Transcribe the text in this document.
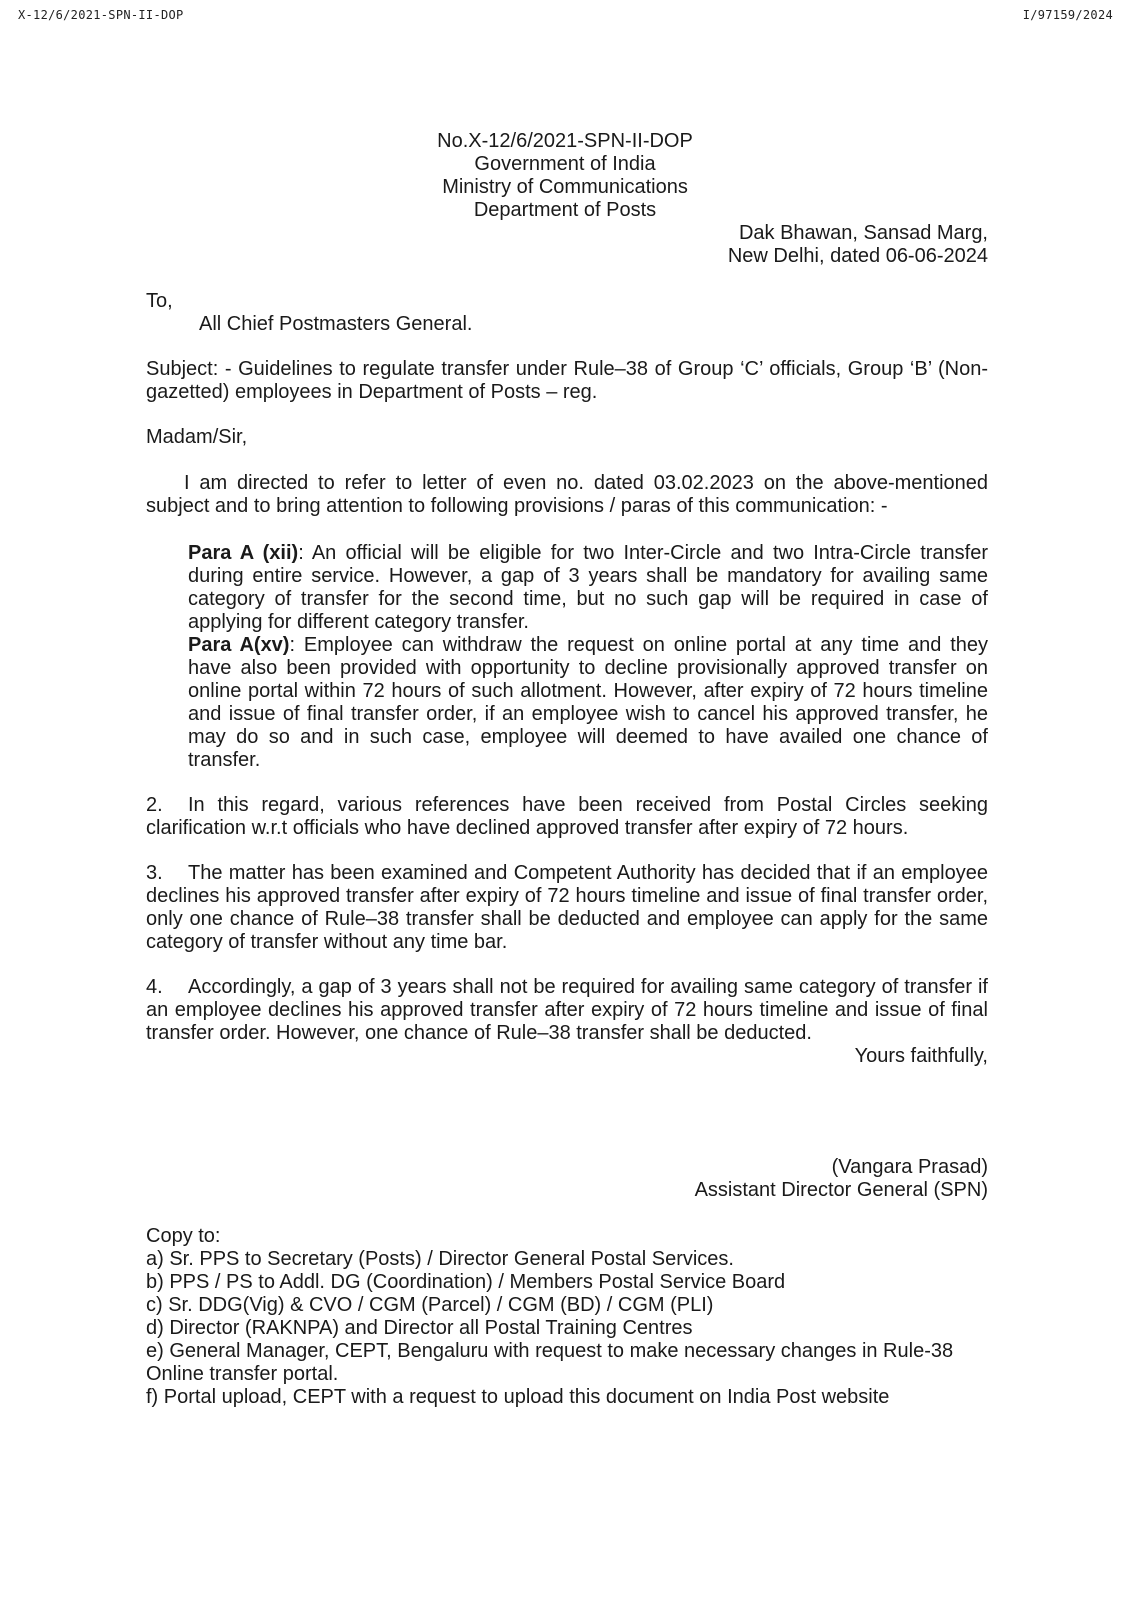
X-12/6/2021-SPN-II-DOP	I/97159/2024
No.X-12/6/2021-SPN-II-DOP
Government of India
Ministry of Communications
Department of Posts
Dak Bhawan, Sansad Marg,
New Delhi, dated 06-06-2024
To,
All Chief Postmasters General.

Subject: - Guidelines to regulate transfer under Rule–38 of Group ‘C’ officials, Group ‘B’ (Non-gazetted) employees in Department of Posts – reg.

Madam/Sir,

I am directed to refer to letter of even no. dated 03.02.2023 on the above-mentioned subject and to bring attention to following provisions / paras of this communication: -

Para A (xii): An official will be eligible for two Inter-Circle and two Intra-Circle transfer during entire service. However, a gap of 3 years shall be mandatory for availing same category of transfer for the second time, but no such gap will be required in case of applying for different category transfer.

Para A(xv): Employee can withdraw the request on online portal at any time and they have also been provided with opportunity to decline provisionally approved transfer on online portal within 72 hours of such allotment. However, after expiry of 72 hours timeline and issue of final transfer order, if an employee wish to cancel his approved transfer, he may do so and in such case, employee will deemed to have availed one chance of transfer.

2. In this regard, various references have been received from Postal Circles seeking clarification w.r.t officials who have declined approved transfer after expiry of 72 hours.

3. The matter has been examined and Competent Authority has decided that if an employee declines his approved transfer after expiry of 72 hours timeline and issue of final transfer order, only one chance of Rule–38 transfer shall be deducted and employee can apply for the same category of transfer without any time bar.

4. Accordingly, a gap of 3 years shall not be required for availing same category of transfer if an employee declines his approved transfer after expiry of 72 hours timeline and issue of final transfer order. However, one chance of Rule–38 transfer shall be deducted.

Yours faithfully,

(Vangara Prasad)
Assistant Director General (SPN)
Copy to:
a) Sr. PPS to Secretary (Posts) / Director General Postal Services.
b) PPS / PS to Addl. DG (Coordination) / Members Postal Service Board
c) Sr. DDG(Vig) & CVO / CGM (Parcel) / CGM (BD) / CGM (PLI)
d) Director (RAKNPA) and Director all Postal Training Centres
e) General Manager, CEPT, Bengaluru with request to make necessary changes in Rule-38 Online transfer portal.
f) Portal upload, CEPT with a request to upload this document on India Post website
